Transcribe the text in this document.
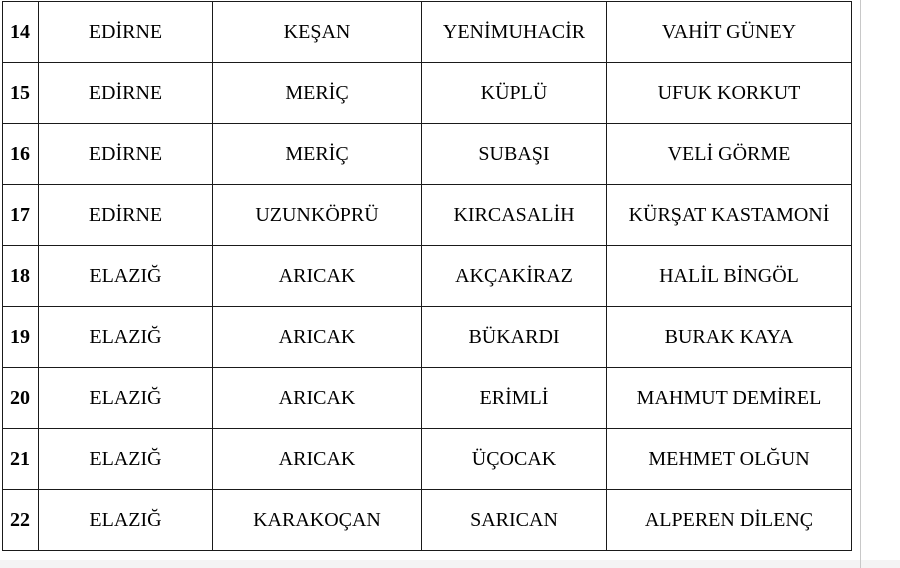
14	EDİRNE	KEŞAN	YENİMUHACİR	VAHİT GÜNEY
15	EDİRNE	MERİÇ	KÜPLÜ	UFUK KORKUT
16	EDİRNE	MERİÇ	SUBAŞI	VELİ GÖRME
17	EDİRNE	UZUNKÖPRÜ	KIRCASALİH	KÜRŞAT KASTAMONİ
18	ELAZIĞ	ARICAK	AKÇAKİRAZ	HALİL BİNGÖL
19	ELAZIĞ	ARICAK	BÜKARDI	BURAK KAYA
20	ELAZIĞ	ARICAK	ERİMLİ	MAHMUT DEMİREL
21	ELAZIĞ	ARICAK	ÜÇOCAK	MEHMET OLĞUN
22	ELAZIĞ	KARAKOÇAN	SARICAN	ALPEREN DİLENÇ
